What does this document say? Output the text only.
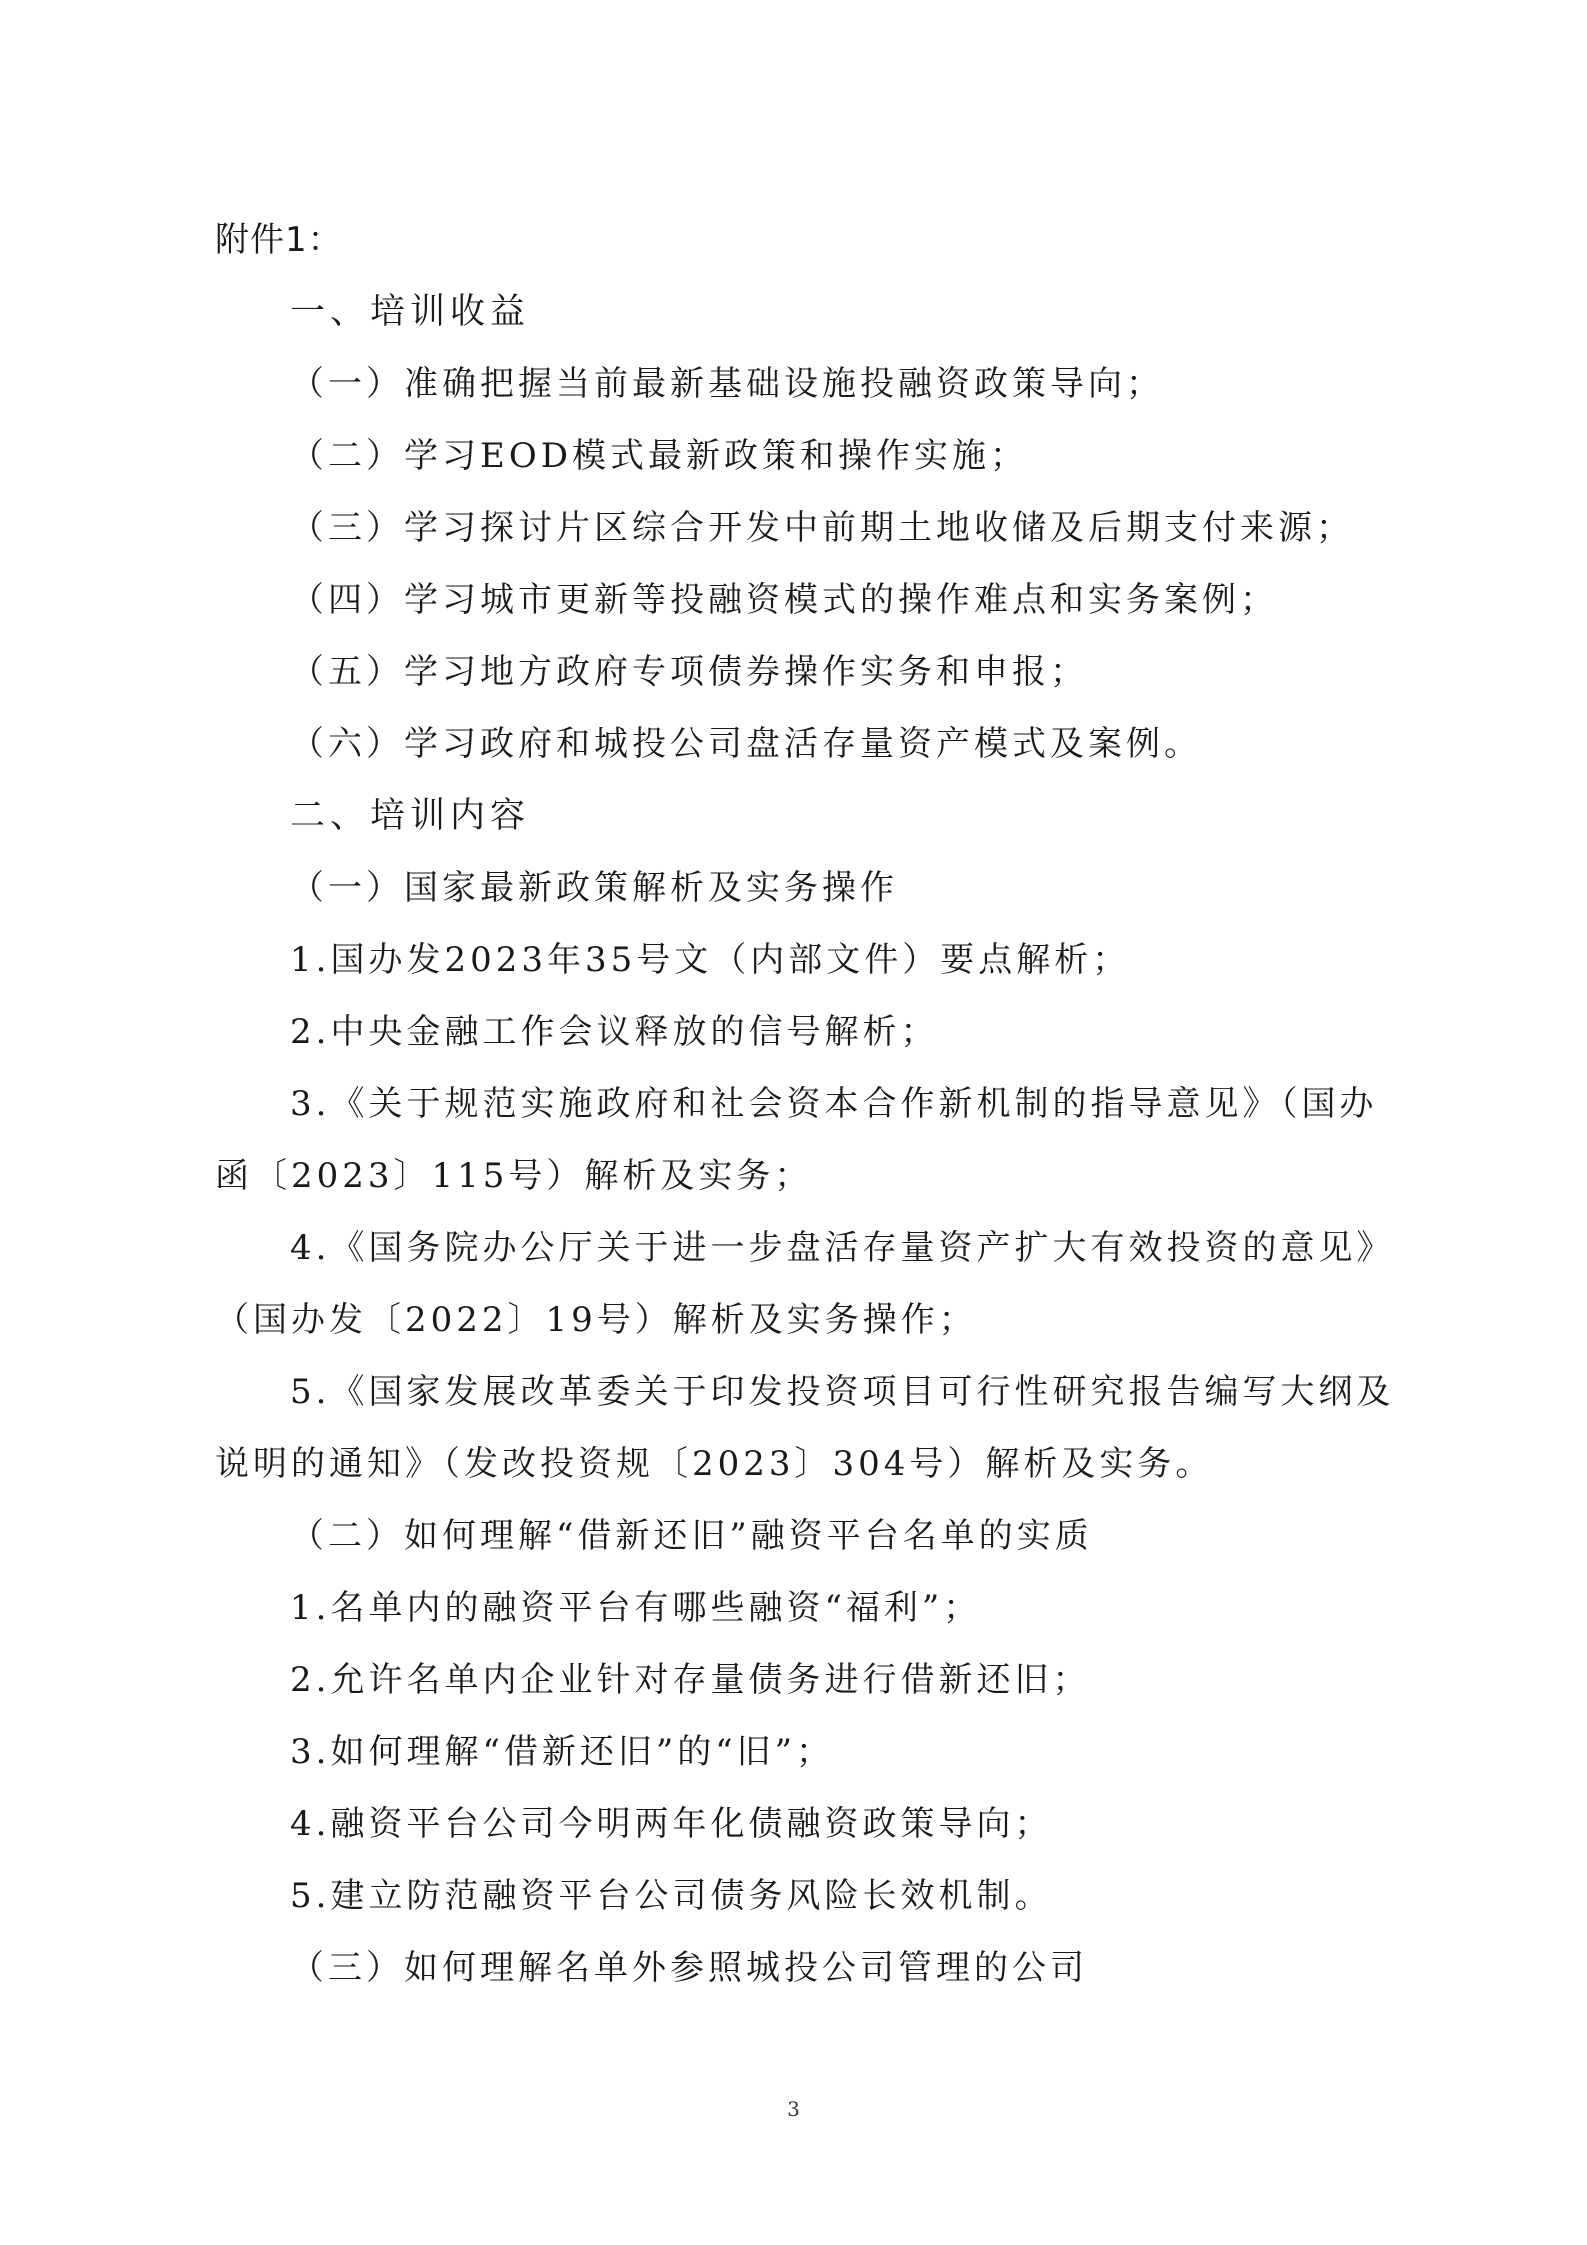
附件1：
一、培训收益
（一）准确把握当前最新基础设施投融资政策导向；
（二）学习EOD模式最新政策和操作实施；
（三）学习探讨片区综合开发中前期土地收储及后期支付来源；
（四）学习城市更新等投融资模式的操作难点和实务案例；
（五）学习地方政府专项债券操作实务和申报；
（六）学习政府和城投公司盘活存量资产模式及案例。
二、培训内容
（一）国家最新政策解析及实务操作
1.国办发2023年35号文（内部文件）要点解析；
2.中央金融工作会议释放的信号解析；
3.《关于规范实施政府和社会资本合作新机制的指导意见》（国办
函〔2023〕115号）解析及实务；
4.《国务院办公厅关于进一步盘活存量资产扩大有效投资的意见》
（国办发〔2022〕19号）解析及实务操作；
5.《国家发展改革委关于印发投资项目可行性研究报告编写大纲及
说明的通知》（发改投资规〔2023〕304号）解析及实务。
（二）如何理解“借新还旧”融资平台名单的实质
1.名单内的融资平台有哪些融资“福利”；
2.允许名单内企业针对存量债务进行借新还旧；
3.如何理解“借新还旧”的“旧”；
4.融资平台公司今明两年化债融资政策导向；
5.建立防范融资平台公司债务风险长效机制。
（三）如何理解名单外参照城投公司管理的公司
3
